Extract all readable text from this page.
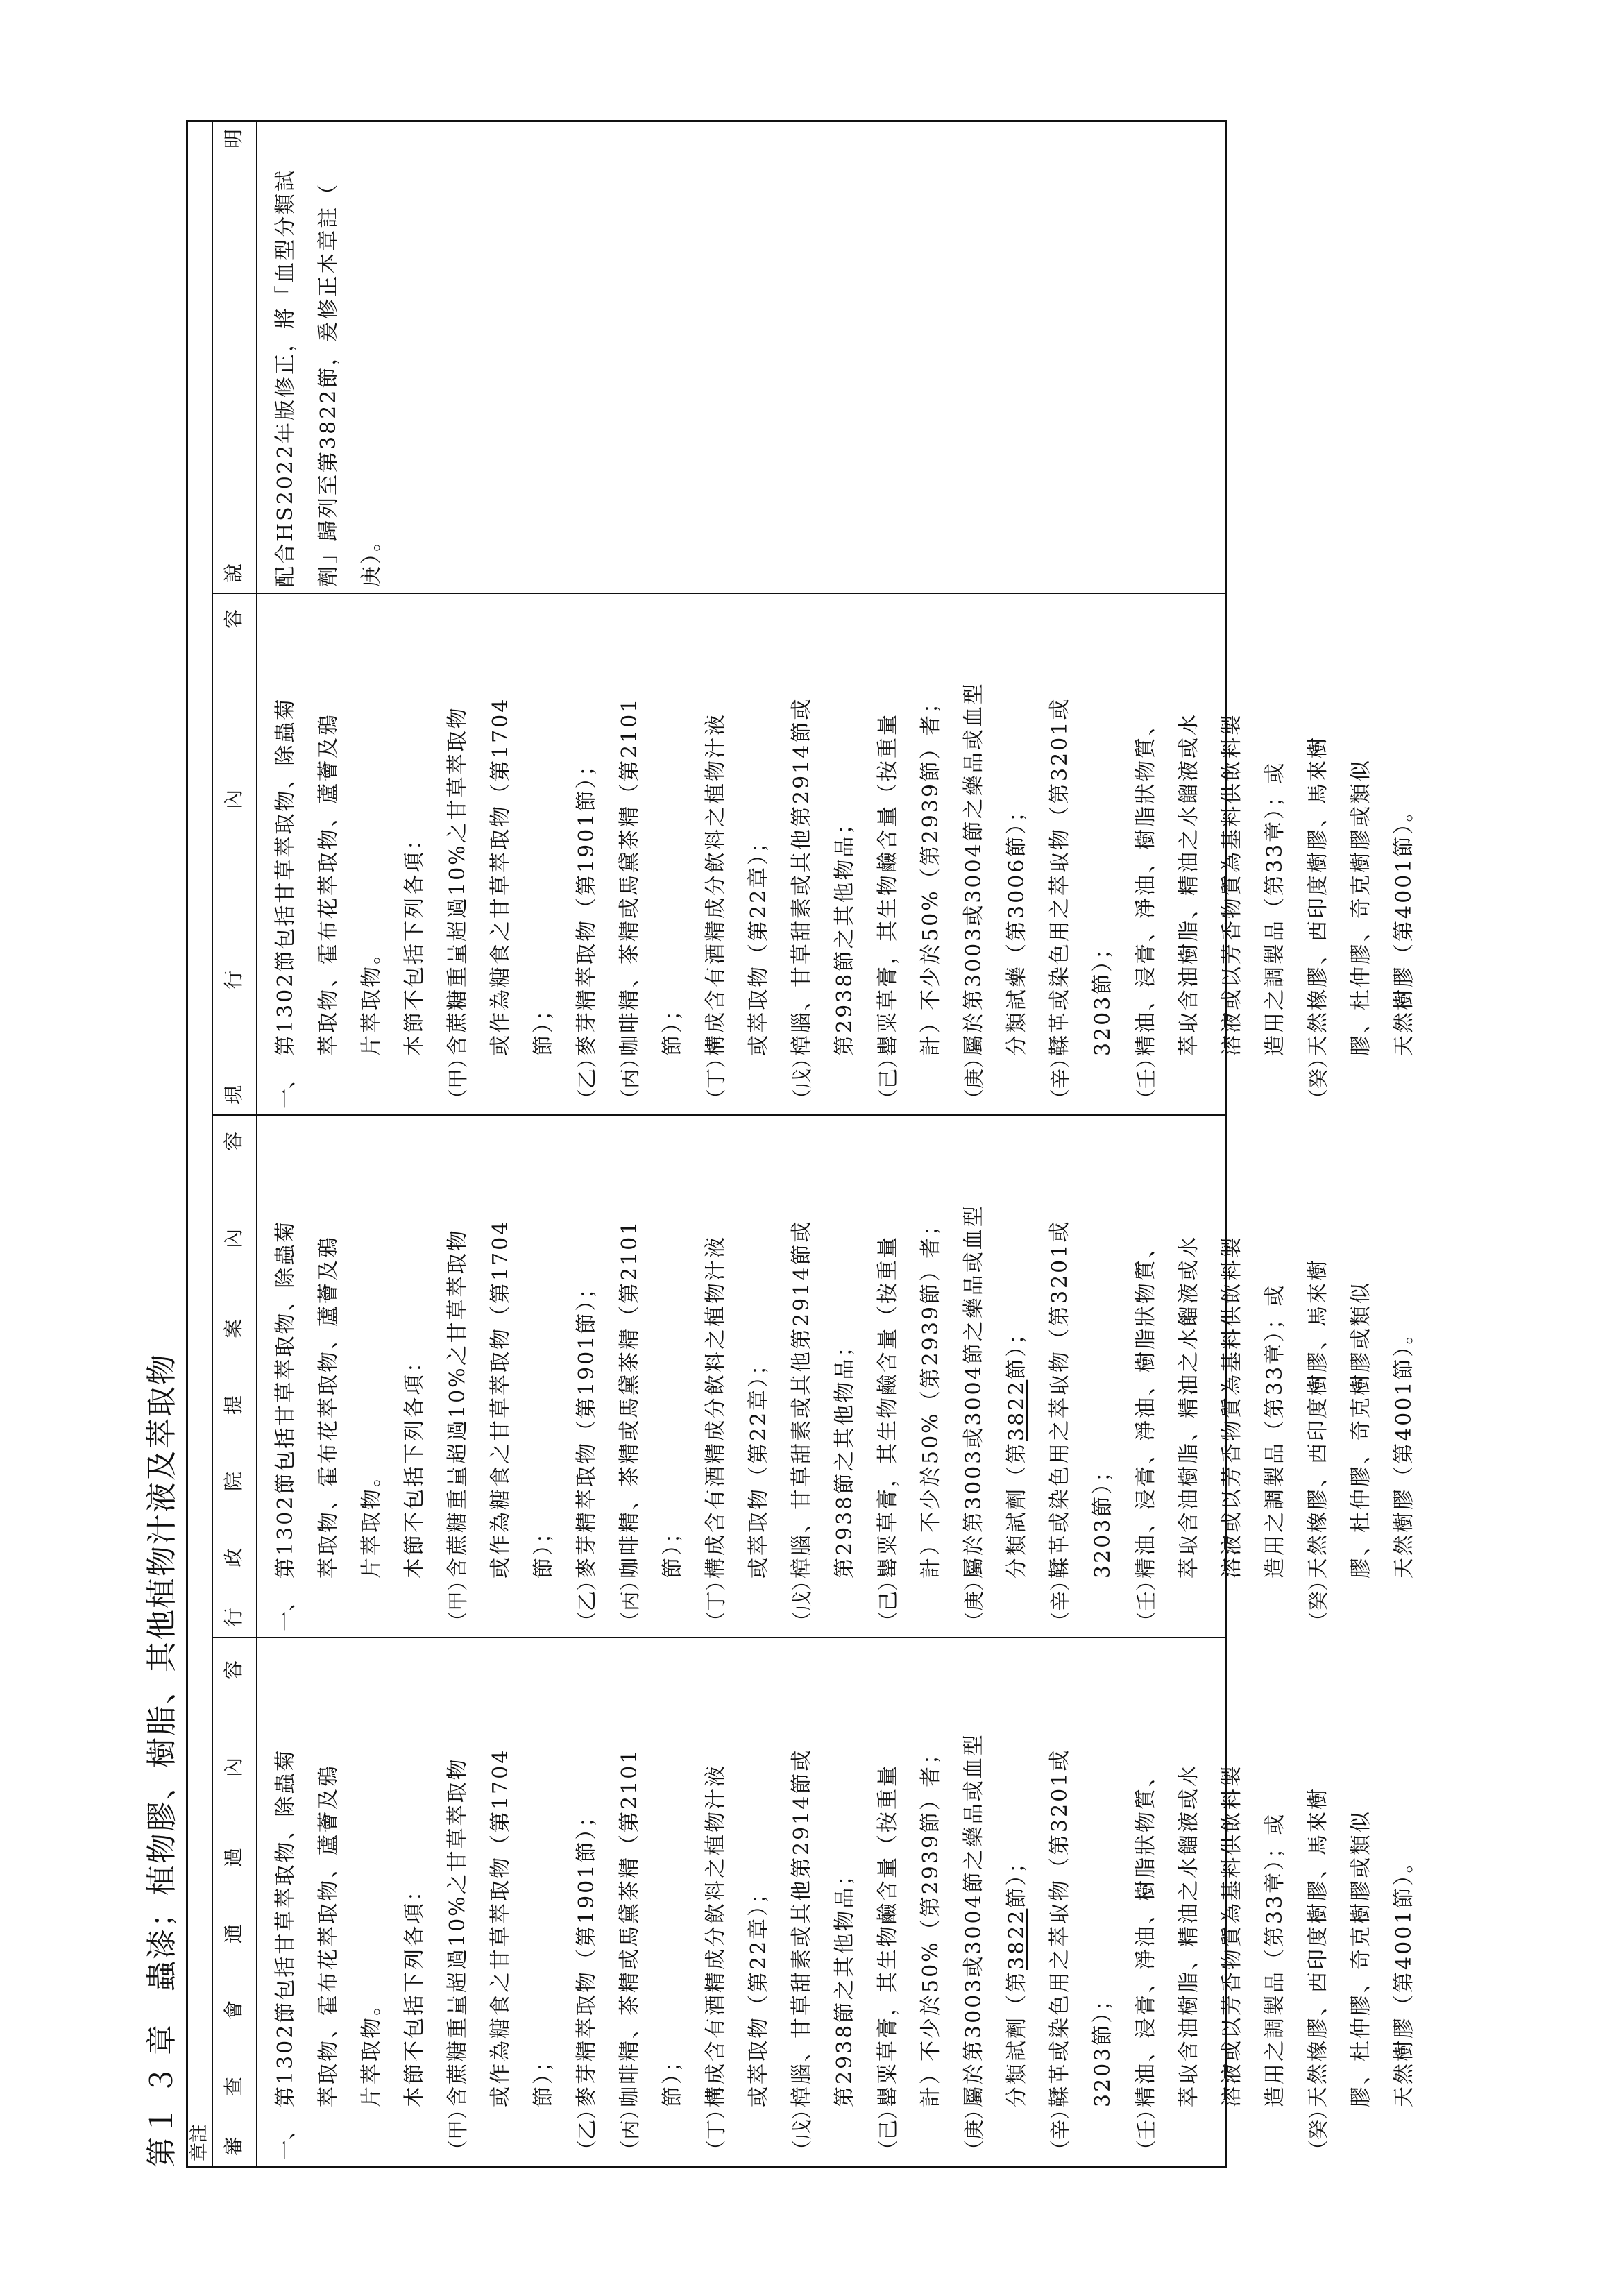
第１３章　蟲漆；植物膠、樹脂、其他植物汁液及萃取物
章註 審
查
會
通
過
內
容
一、
第1302節包括甘草萃取物、除蟲菊 萃取物、霍布花萃取物、蘆薈及鴉 片萃取物。 本節不包括下列各項：
（甲）
含蔗糖重量超過10%之甘草萃取物 或作為糖食之甘草萃取物（第1704 節）；
（乙）
麥芽精萃取物（第1901節）；
（丙）
咖啡精、茶精或馬黛茶精（第2101 節）；
（丁）
構成含有酒精成分飲料之植物汁液 或萃取物（第22章）；
（戊）
樟腦、甘草甜素或其他第2914節或 第2938節之其他物品；
（己）
罌粟草膏，其生物鹼含量（按重量 計）不少於50%（第2939節）者；
（庚）
屬於第3003或3004節之藥品或血型 分類試劑（第3822節）；
（辛）
鞣革或染色用之萃取物（第3201或 3203節）；
（壬）
精油、浸膏、淨油、樹脂狀物質、 萃取含油樹脂、精油之水餾液或水 溶液或以芳香物質為基料供飲料製 造用之調製品（第33章）；或
（癸）
天然橡膠、西印度樹膠、馬來樹 膠、杜仲膠、奇克樹膠或類似 天然樹膠（第4001節）。
行
政
院
提
案
內
容
一、
第1302節包括甘草萃取物、除蟲菊 萃取物、霍布花萃取物、蘆薈及鴉 片萃取物。 本節不包括下列各項：
（甲）
含蔗糖重量超過10%之甘草萃取物 或作為糖食之甘草萃取物（第1704 節）；
（乙）
麥芽精萃取物（第1901節）；
（丙）
咖啡精、茶精或馬黛茶精（第2101 節）；
（丁）
構成含有酒精成分飲料之植物汁液 或萃取物（第22章）；
（戊）
樟腦、甘草甜素或其他第2914節或 第2938節之其他物品；
（己）
罌粟草膏，其生物鹼含量（按重量 計）不少於50%（第2939節）者；
（庚）
屬於第3003或3004節之藥品或血型 分類試劑（第3822節）；
（辛）
鞣革或染色用之萃取物（第3201或 3203節）；
（壬）
精油、浸膏、淨油、樹脂狀物質、 萃取含油樹脂、精油之水餾液或水 溶液或以芳香物質為基料供飲料製 造用之調製品（第33章）；或
（癸）
天然橡膠、西印度樹膠、馬來樹 膠、杜仲膠、奇克樹膠或類似 天然樹膠（第4001節）。
現
行
內
容
一、
第1302節包括甘草萃取物、除蟲菊 萃取物、霍布花萃取物、蘆薈及鴉 片萃取物。 本節不包括下列各項：
（甲）
含蔗糖重量超過10%之甘草萃取物 或作為糖食之甘草萃取物（第1704 節）；
（乙）
麥芽精萃取物（第1901節）；
（丙）
咖啡精、茶精或馬黛茶精（第2101 節）；
（丁）
構成含有酒精成分飲料之植物汁液 或萃取物（第22章）；
（戊）
樟腦、甘草甜素或其他第2914節或 第2938節之其他物品；
（己）
罌粟草膏，其生物鹼含量（按重量 計）不少於50%（第2939節）者；
（庚）
屬於第3003或3004節之藥品或血型 分類試藥（第3006節）；
（辛）
鞣革或染色用之萃取物（第3201或 3203節）；
（壬）
精油、浸膏、淨油、樹脂狀物質、 萃取含油樹脂、精油之水餾液或水 溶液或以芳香物質為基料供飲料製 造用之調製品（第33章）；或
（癸）
天然橡膠、西印度樹膠、馬來樹 膠、杜仲膠、奇克樹膠或類似 天然樹膠（第4001節）。
說
明
配合HS2022年版修正，將「血型分類試 劑」歸列至第3822節，爰修正本章註（ 庚）。
